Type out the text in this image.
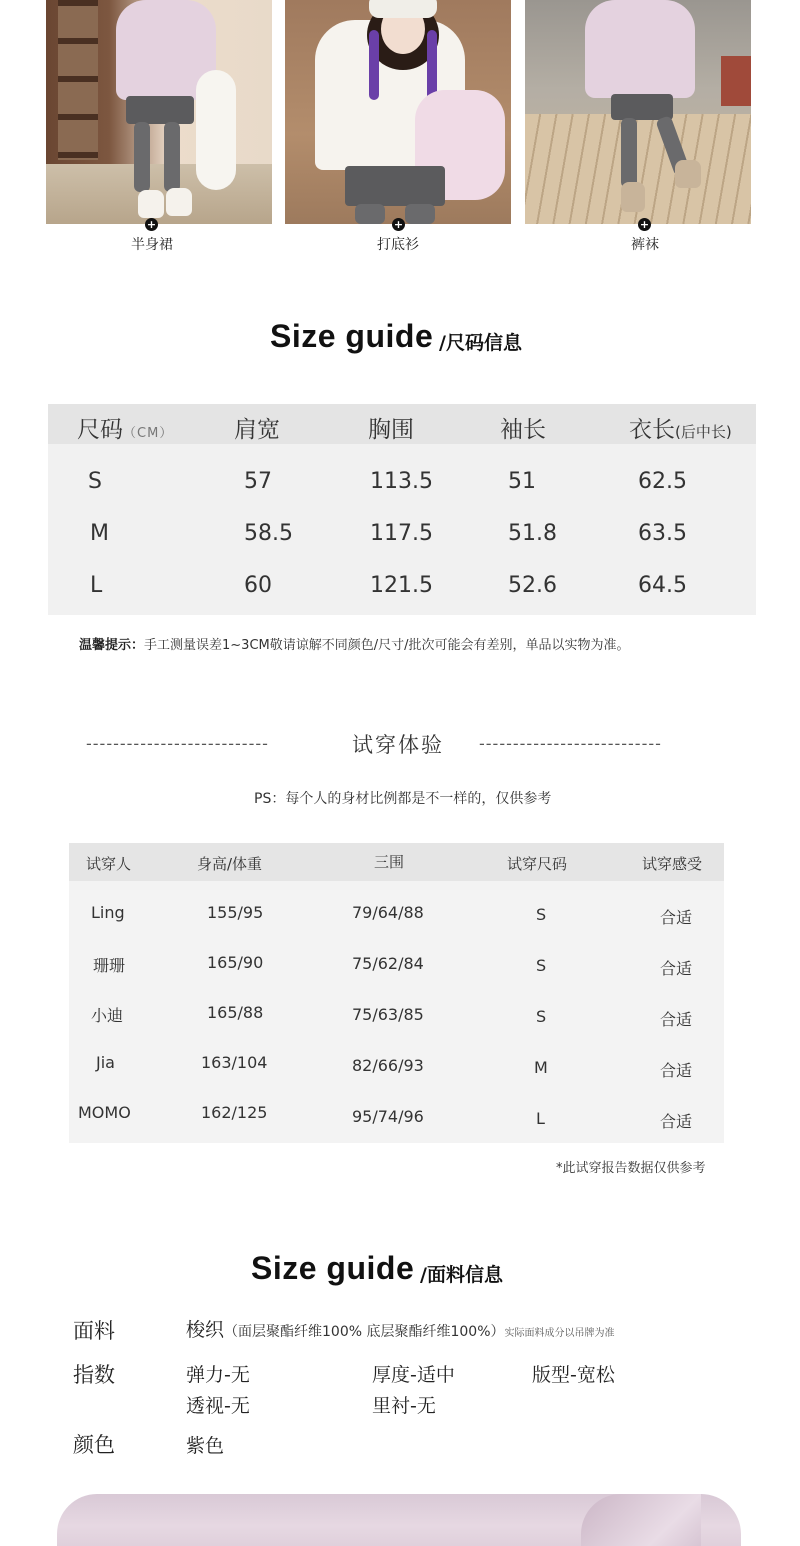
+	+	+
半身裙	打底衫	裤袜
Size guide /尺码信息
尺码（CM）	肩宽	胸围	袖长	衣长(后中长)
S	57	113.5	51	62.5
M	58.5	117.5	51.8	63.5
L	60	121.5	52.6	64.5
温馨提示：手工测量误差1~3CM敬请谅解不同颜色/尺寸/批次可能会有差别，单品以实物为准。
---------------------------	试穿体验 ---------------------------
PS：每个人的身材比例都是不一样的，仅供参考
试穿人	身高/体重	三围	试穿尺码	试穿感受
Ling	155/95	79/64/88	S	合适
珊珊	165/90	75/62/84	S	合适
小迪	165/88	75/63/85	S	合适
Jia	163/104	82/66/93	M	合适
MOMO	162/125	95/74/96	L	合适
*此试穿报告数据仅供参考
Size guide /面料信息
面料	梭织（面层聚酯纤维100% 底层聚酯纤维100%）实际面料成分以吊牌为准
指数	弹力-无	厚度-适中	版型-宽松
透视-无	里衬-无
颜色	紫色
